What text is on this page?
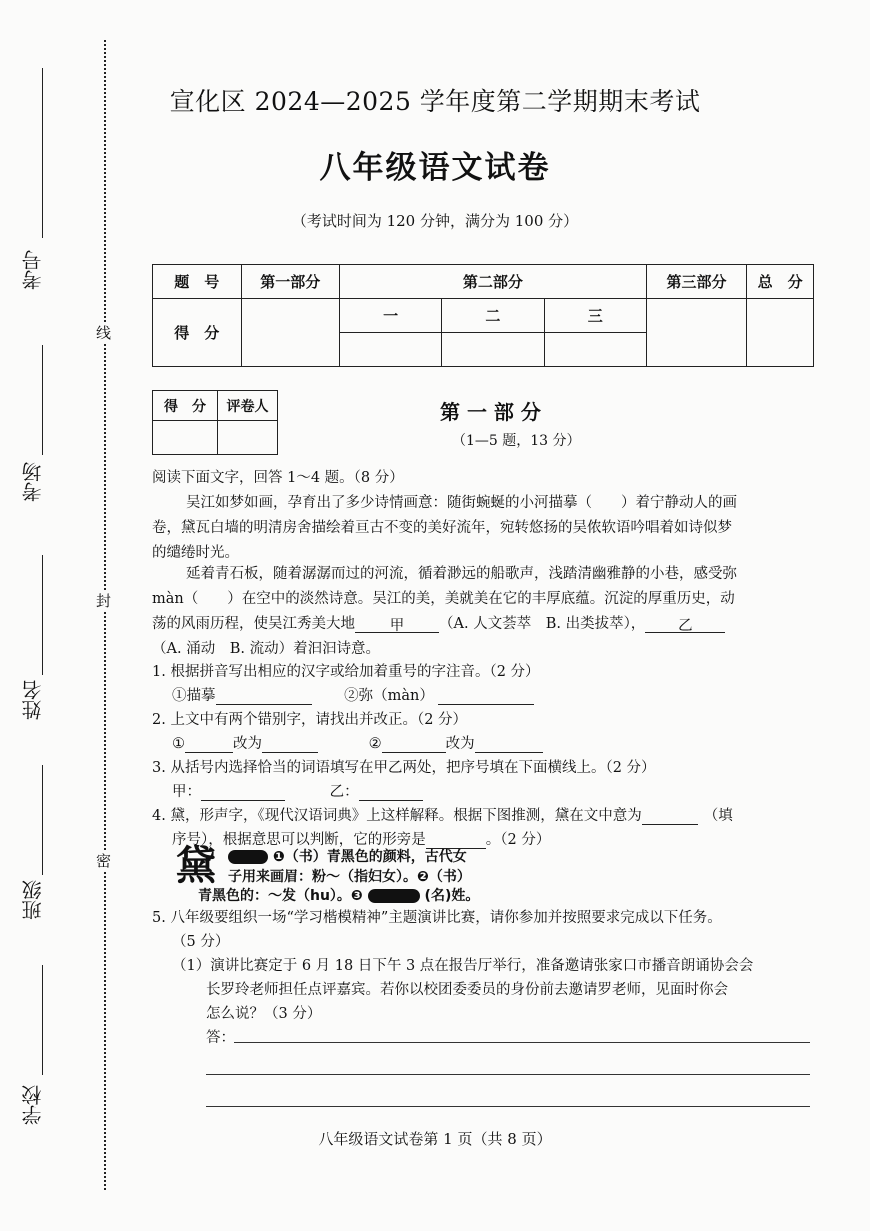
考号
考场
姓名
班级
学校
线
封
密
宣化区 2024—2025 学年度第二学期期末考试
八年级语文试卷
（考试时间为 120 分钟，满分为 100 分）
题　号	第一部分	第二部分			第三部分	总　分
得　分		一	二	三		

得　分	评卷人
		第 一 部 分
（1—5 题，13 分）
阅读下面文字，回答 1～4 题。（8 分）
吴江如梦如画，孕育出了多少诗情画意：随街蜿蜒的小河描摹（　　）着宁静动人的画
卷，黛瓦白墙的明清房舍描绘着亘古不变的美好流年，宛转悠扬的吴侬软语吟唱着如诗似梦
的缱绻时光。
延着青石板，随着潺潺而过的河流，循着渺远的船歌声，浅踏清幽雅静的小巷，感受弥
màn（　　）在空中的淡然诗意。吴江的美，美就美在它的丰厚底蕴。沉淀的厚重历史，动
荡的风雨历程，使吴江秀美大地 甲 （A. 人文荟萃　B. 出类拔萃）， 乙
（A. 涌动　B. 流动）着汩汩诗意。
1. 根据拼音写出相应的汉字或给加着重号的字注音。（2 分）
①描摹	②弥（màn）
2. 上文中有两个错别字，请找出并改正。（2 分）
①	改为	②	改为
3. 从括号内选择恰当的词语填写在甲乙两处，把序号填在下面横线上。（2 分）
甲：	乙：
4. 黛，形声字，《现代汉语词典》上这样解释。根据下图推测，黛在文中意为	（填
序号），根据意思可以判断，它的形旁是	。（2 分）
黛	❶（书）青黑色的颜料，古代女
子用来画眉：粉～（指妇女）。❷（书）
青黑色的：～发（hu）。❸	(名)姓。
5. 八年级要组织一场“学习楷模精神”主题演讲比赛，请你参加并按照要求完成以下任务。
（5 分）
（1）演讲比赛定于 6 月 18 日下午 3 点在报告厅举行，准备邀请张家口市播音朗诵协会会
长罗玲老师担任点评嘉宾。若你以校团委委员的身份前去邀请罗老师，见面时你会
怎么说？（3 分）
答：
八年级语文试卷第 1 页（共 8 页）
